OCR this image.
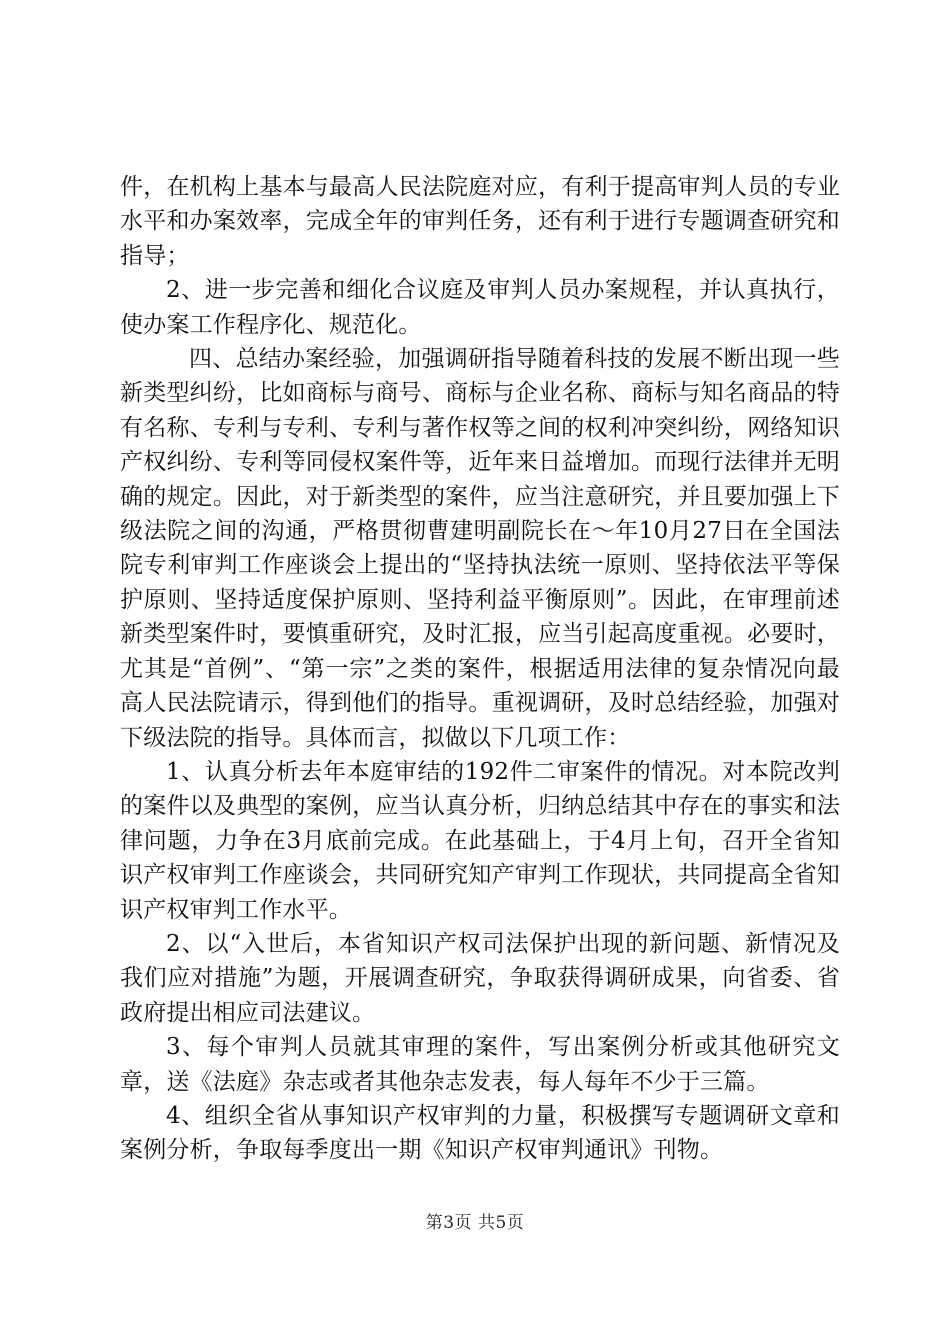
件，在机构上基本与最高人民法院庭对应，有利于提高审判人员的专业水平和办案效率，完成全年的审判任务，还有利于进行专题调查研究和指导；

2、进一步完善和细化合议庭及审判人员办案规程，并认真执行，使办案工作程序化、规范化。

四、总结办案经验，加强调研指导随着科技的发展不断出现一些新类型纠纷，比如商标与商号、商标与企业名称、商标与知名商品的特有名称、专利与专利、专利与著作权等之间的权利冲突纠纷，网络知识产权纠纷、专利等同侵权案件等，近年来日益增加。而现行法律并无明确的规定。因此，对于新类型的案件，应当注意研究，并且要加强上下级法院之间的沟通，严格贯彻曹建明副院长在～年10月27日在全国法院专利审判工作座谈会上提出的“坚持执法统一原则、坚持依法平等保护原则、坚持适度保护原则、坚持利益平衡原则”。因此，在审理前述新类型案件时，要慎重研究，及时汇报，应当引起高度重视。必要时，尤其是“首例”、“第一宗”之类的案件，根据适用法律的复杂情况向最高人民法院请示，得到他们的指导。重视调研，及时总结经验，加强对下级法院的指导。具体而言，拟做以下几项工作：

1、认真分析去年本庭审结的192件二审案件的情况。对本院改判的案件以及典型的案例，应当认真分析，归纳总结其中存在的事实和法律问题，力争在3月底前完成。在此基础上，于4月上旬，召开全省知识产权审判工作座谈会，共同研究知产审判工作现状，共同提高全省知识产权审判工作水平。

2、以“入世后，本省知识产权司法保护出现的新问题、新情况及我们应对措施”为题，开展调查研究，争取获得调研成果，向省委、省政府提出相应司法建议。

3、每个审判人员就其审理的案件，写出案例分析或其他研究文章，送《法庭》杂志或者其他杂志发表，每人每年不少于三篇。

4、组织全省从事知识产权审判的力量，积极撰写专题调研文章和案例分析，争取每季度出一期《知识产权审判通讯》刊物。

第3页 共5页
